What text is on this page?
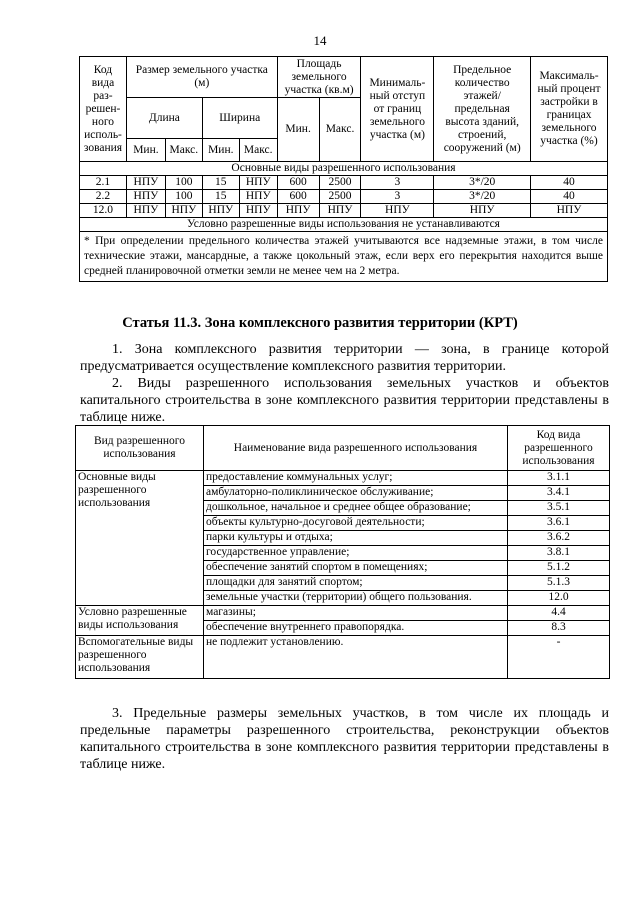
14
Код вида раз-решен-ного исполь-зования	Размер земельного участка (м)				Площадь земельного участка (кв.м)		Минималь-ный отступ от границ земельного участка (м)	Предельное количество этажей/ предельная высота зданий, строений, сооружений (м)	Максималь-ный процент застройки в границах земельного участка (%)
	Длина		Ширина		Мин.	Макс.			
	Мин.	Макс.	Мин.	Макс.					
Основные виды разрешенного использования									
2.1	НПУ	100	15	НПУ	600	2500	3	3*/20	40
2.2	НПУ	100	15	НПУ	600	2500	3	3*/20	40
12.0	НПУ	НПУ	НПУ	НПУ	НПУ	НПУ	НПУ	НПУ	НПУ
Условно разрешенные виды использования не устанавливаются									
* При определении предельного количества этажей учитываются все надземные этажи, в том числе технические этажи, мансардные, а также цокольный этаж, если верх его перекрытия находится выше средней планировочной отметки земли не менее чем на 2 метра.									
Статья 11.3. Зона комплексного развития территории (КРТ)
1. Зона комплексного развития территории — зона, в границе которой предусматривается осуществление комплексного развития территории.
2. Виды разрешенного использования земельных участков и объектов капитального строительства в зоне комплексного развития территории представлены в таблице ниже.
Вид разрешенного использования	Наименование вида разрешенного использования	Код вида разрешенного использования
Основные виды разрешенного использования	предоставление коммунальных услуг;	3.1.1
	амбулаторно-поликлиническое обслуживание;	3.4.1
	дошкольное, начальное и среднее общее образование;	3.5.1
	объекты культурно-досуговой деятельности;	3.6.1
	парки культуры и отдыха;	3.6.2
	государственное управление;	3.8.1
	обеспечение занятий спортом в помещениях;	5.1.2
	площадки для занятий спортом;	5.1.3
	земельные участки (территории) общего пользования.	12.0
Условно разрешенные виды использования	магазины;	4.4
	обеспечение внутреннего правопорядка.	8.3
Вспомогательные виды разрешенного использования	не подлежит установлению.	-
3. Предельные размеры земельных участков, в том числе их площадь и предельные параметры разрешенного строительства, реконструкции объектов капитального строительства в зоне комплексного развития территории представлены в таблице ниже.
